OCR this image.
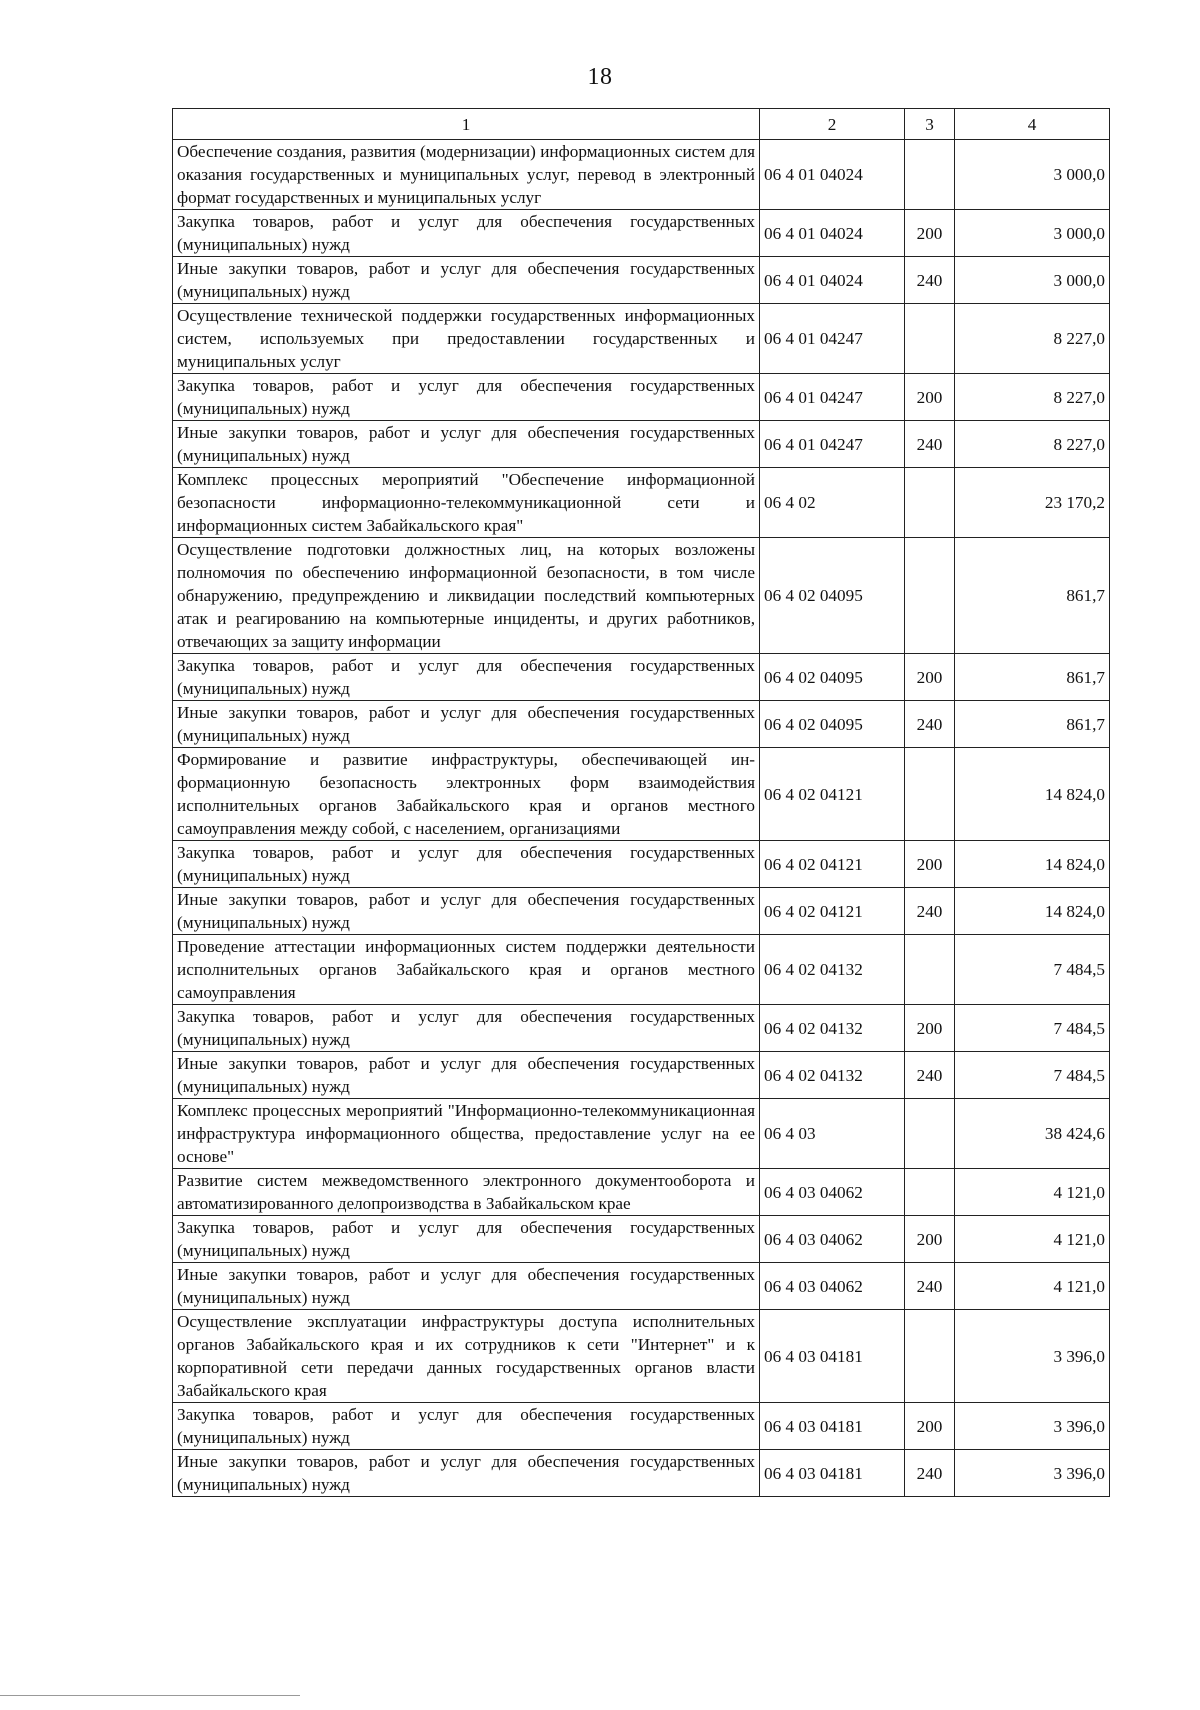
18
1	2	3	4
Обеспечение создания, развития (модернизации) информационных систем для оказания государственных и муниципальных услуг, перевод в электронный формат государственных и муниципальных услуг	06 4 01 04024		3 000,0
Закупка товаров, работ и услуг для обеспечения государственных (муниципальных) нужд	06 4 01 04024	200	3 000,0
Иные закупки товаров, работ и услуг для обеспечения государственных (муниципальных) нужд	06 4 01 04024	240	3 000,0
Осуществление технической поддержки государственных информационных систем, используемых при предоставлении государственных и муниципальных услуг	06 4 01 04247		8 227,0
Закупка товаров, работ и услуг для обеспечения государственных (муниципальных) нужд	06 4 01 04247	200	8 227,0
Иные закупки товаров, работ и услуг для обеспечения государственных (муниципальных) нужд	06 4 01 04247	240	8 227,0
Комплекс процессных мероприятий "Обеспечение информационной безопасности информационно-телекоммуникационной сети и информационных систем Забайкальского края"	06 4 02		23 170,2
Осуществление подготовки должностных лиц, на которых возложены полномочия по обеспечению информационной безопасности, в том числе обнаружению, предупреждению и ликвидации последствий компьютерных атак и реагированию на компьютерные инциденты, и других работников, отвечающих за защиту информации	06 4 02 04095		861,7
Закупка товаров, работ и услуг для обеспечения государственных (муниципальных) нужд	06 4 02 04095	200	861,7
Иные закупки товаров, работ и услуг для обеспечения государственных (муниципальных) нужд	06 4 02 04095	240	861,7
Формирование и развитие инфраструктуры, обеспечивающей информационную безопасность электронных форм взаимодействия исполнительных органов Забайкальского края и органов местного самоуправления между собой, с населением, организациями	06 4 02 04121		14 824,0
Закупка товаров, работ и услуг для обеспечения государственных (муниципальных) нужд	06 4 02 04121	200	14 824,0
Иные закупки товаров, работ и услуг для обеспечения государственных (муниципальных) нужд	06 4 02 04121	240	14 824,0
Проведение аттестации информационных систем поддержки деятельности исполнительных органов Забайкальского края и органов местного самоуправления	06 4 02 04132		7 484,5
Закупка товаров, работ и услуг для обеспечения государственных (муниципальных) нужд	06 4 02 04132	200	7 484,5
Иные закупки товаров, работ и услуг для обеспечения государственных (муниципальных) нужд	06 4 02 04132	240	7 484,5
Комплекс процессных мероприятий "Информационно-телекоммуникационная инфраструктура информационного общества, предоставление услуг на ее основе"	06 4 03		38 424,6
Развитие систем межведомственного электронного документооборота и автоматизированного делопроизводства в Забайкальском крае	06 4 03 04062		4 121,0
Закупка товаров, работ и услуг для обеспечения государственных (муниципальных) нужд	06 4 03 04062	200	4 121,0
Иные закупки товаров, работ и услуг для обеспечения государственных (муниципальных) нужд	06 4 03 04062	240	4 121,0
Осуществление эксплуатации инфраструктуры доступа исполнительных органов Забайкальского края и их сотрудников к сети "Интернет" и к корпоративной сети передачи данных государственных органов власти Забайкальского края	06 4 03 04181		3 396,0
Закупка товаров, работ и услуг для обеспечения государственных (муниципальных) нужд	06 4 03 04181	200	3 396,0
Иные закупки товаров, работ и услуг для обеспечения государственных (муниципальных) нужд	06 4 03 04181	240	3 396,0
